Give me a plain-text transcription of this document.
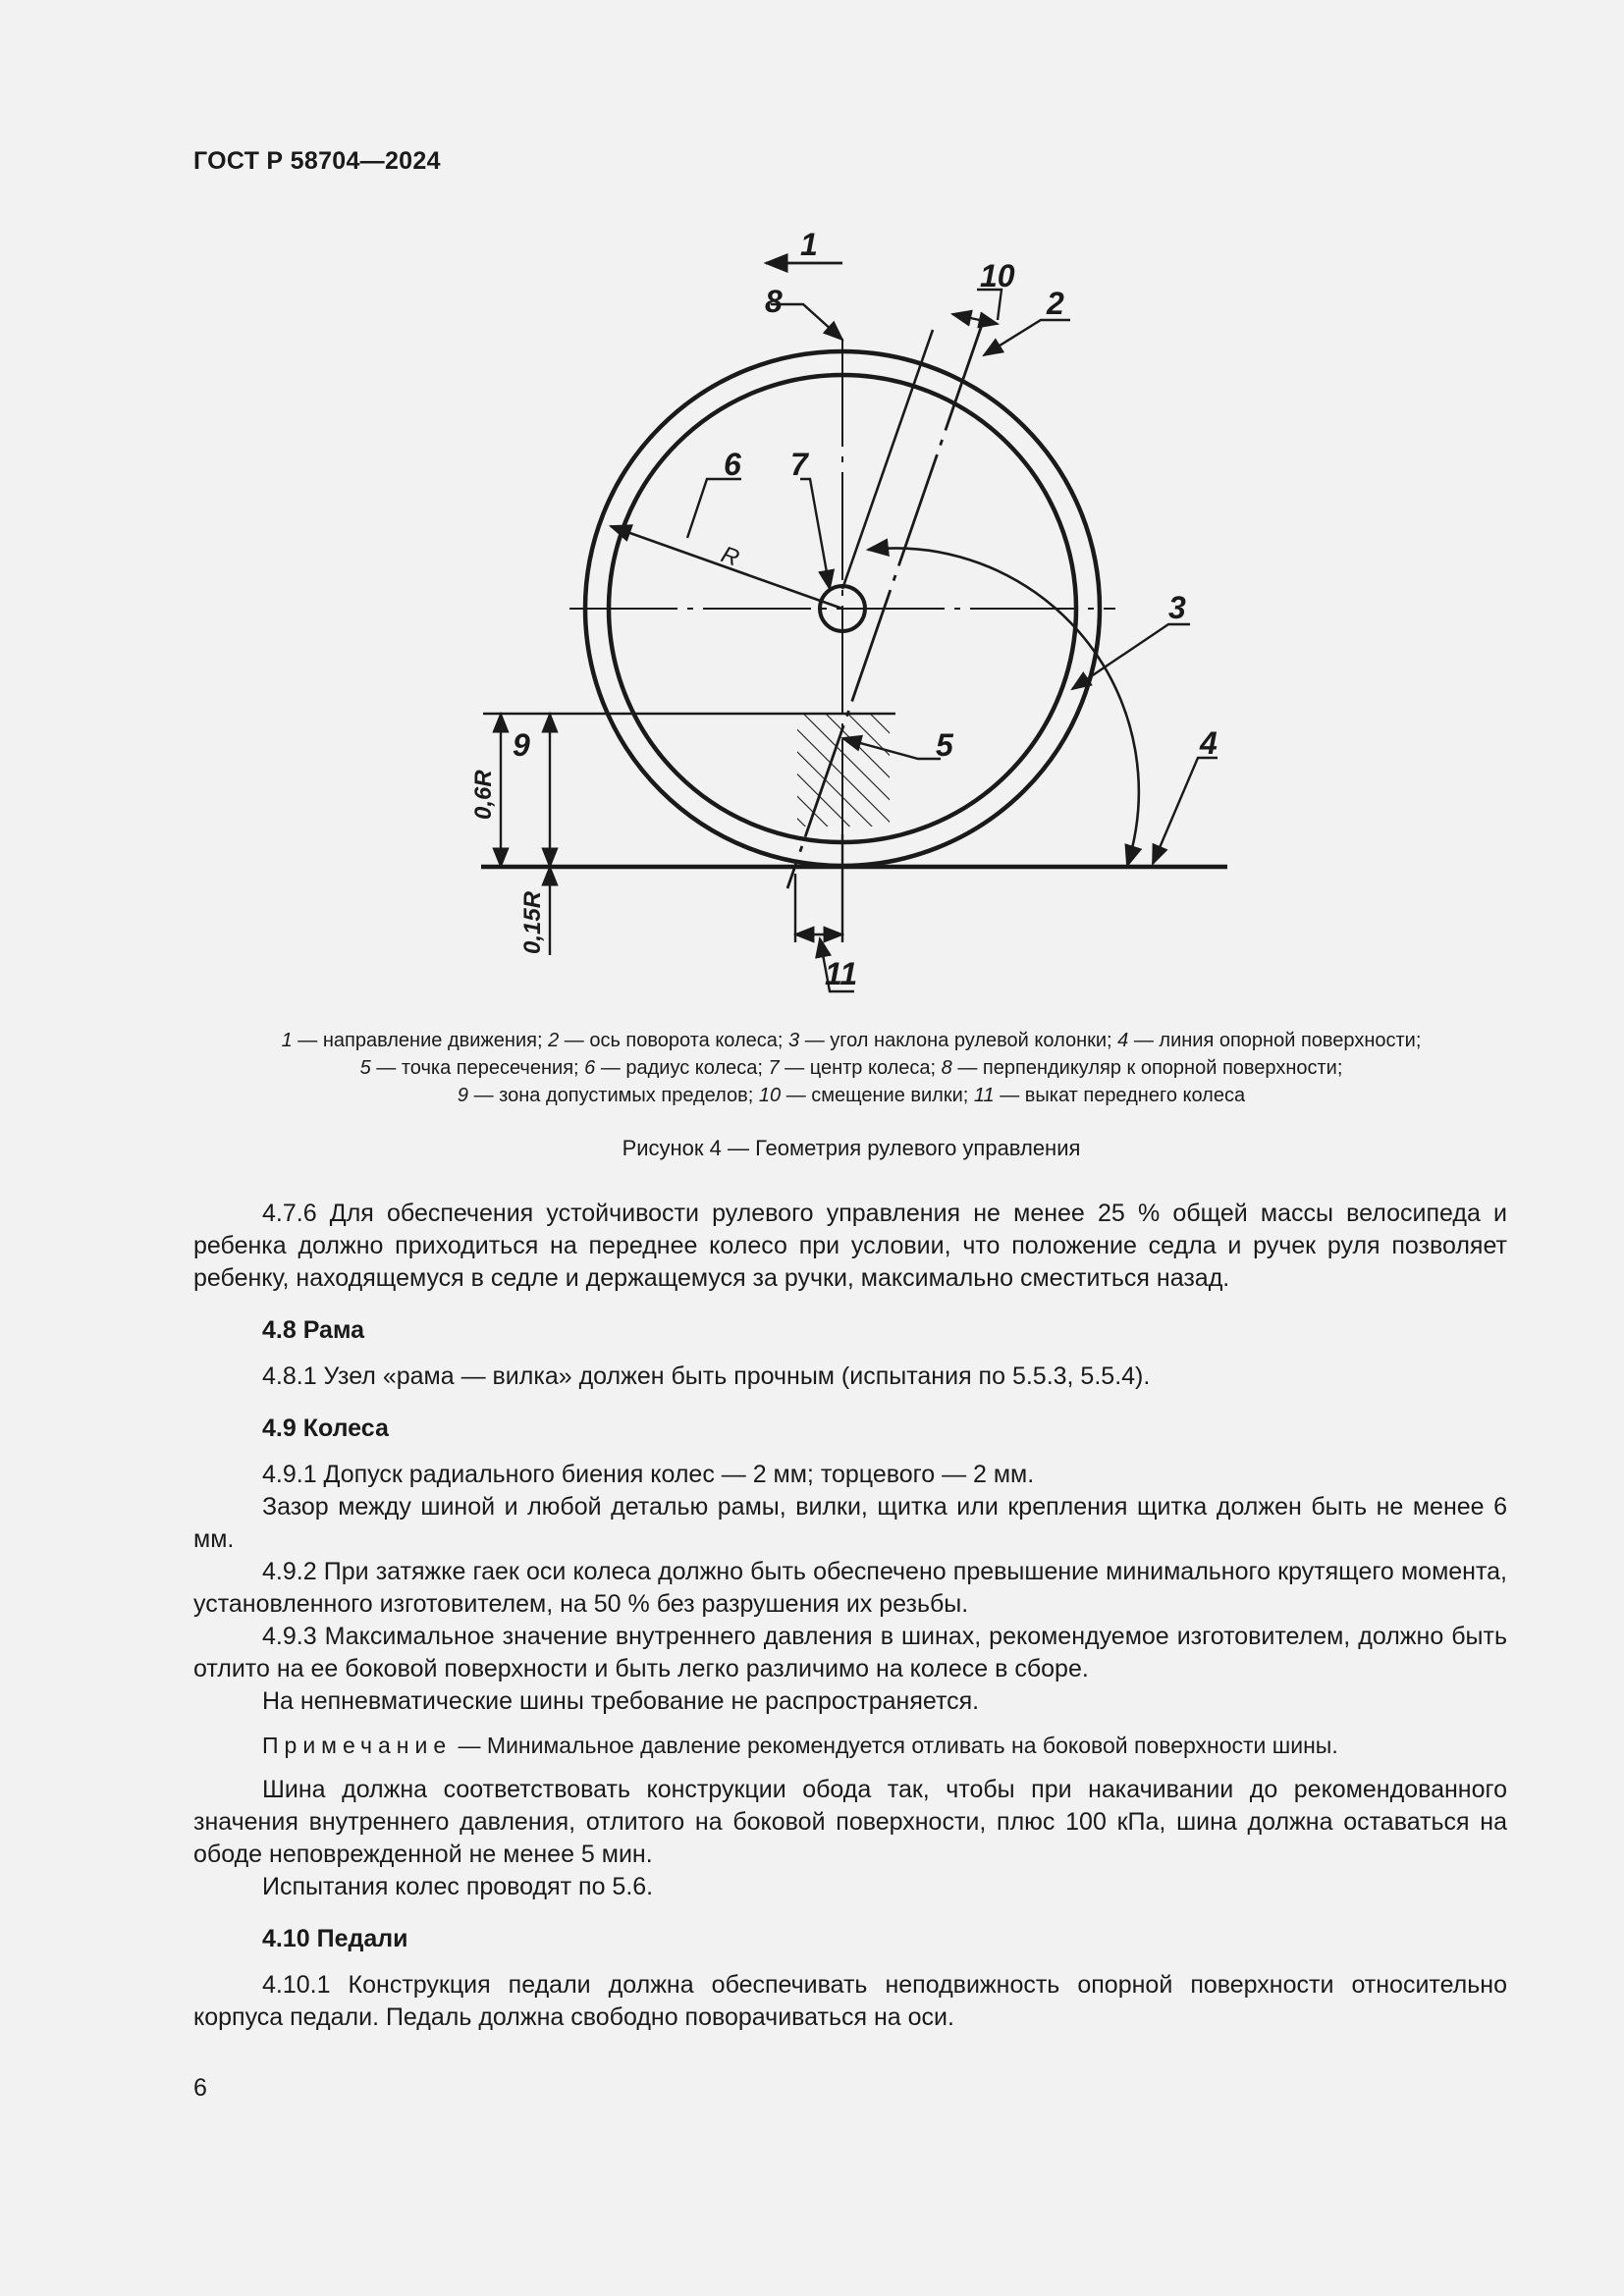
ГОСТ Р 58704—2024
1
2
3
4
5
6 7
8
9
10
11
R
0,6R
0,15R
1 — направление движения; 2 — ось поворота колеса; 3 — угол наклона рулевой колонки; 4 — линия опорной поверхности;
5 — точка пересечения; 6 — радиус колеса; 7 — центр колеса; 8 — перпендикуляр к опорной поверхности;
9 — зона допустимых пределов; 10 — смещение вилки; 11 — выкат переднего колеса
Рисунок 4 — Геометрия рулевого управления

4.7.6 Для обеспечения устойчивости рулевого управления не менее 25 % общей массы велосипеда и ребенка должно приходиться на переднее колесо при условии, что положение седла и ручек руля позволяет ребенку, находящемуся в седле и держащемуся за ручки, максимально сместиться назад.

4.8 Рама

4.8.1 Узел «рама — вилка» должен быть прочным (испытания по 5.5.3, 5.5.4).

4.9 Колеса

4.9.1 Допуск радиального биения колес — 2 мм; торцевого — 2 мм.

Зазор между шиной и любой деталью рамы, вилки, щитка или крепления щитка должен быть не менее 6 мм.

4.9.2 При затяжке гаек оси колеса должно быть обеспечено превышение минимального крутящего момента, установленного изготовителем, на 50 % без разрушения их резьбы.

4.9.3 Максимальное значение внутреннего давления в шинах, рекомендуемое изготовителем, должно быть отлито на ее боковой поверхности и быть легко различимо на колесе в сборе.

На непневматические шины требование не распространяется.

Примечание — Минимальное давление рекомендуется отливать на боковой поверхности шины.

Шина должна соответствовать конструкции обода так, чтобы при накачивании до рекомендованного значения внутреннего давления, отлитого на боковой поверхности, плюс 100 кПа, шина должна оставаться на ободе неповрежденной не менее 5 мин.

Испытания колес проводят по 5.6.

4.10 Педали

4.10.1 Конструкция педали должна обеспечивать неподвижность опорной поверхности относительно корпуса педали. Педаль должна свободно поворачиваться на оси.

6
